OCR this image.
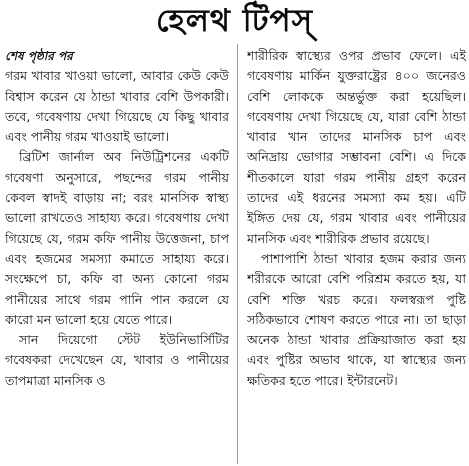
হেলথ টিপস্
শেষ পৃষ্ঠার পর

গরম খাবার খাওয়া ভালো, আবার কেউ কেউ বিশ্বাস করেন যে ঠান্ডা খাবার বেশি উপকারী। তবে, গবেষণায় দেখা গিয়েছে যে কিছু খাবার এবং পানীয় গরম খাওয়াই ভালো।

ব্রিটিশ জার্নাল অব নিউট্রিশনের একটি গবেষণা অনুসারে, পছন্দের গরম পানীয় কেবল স্বাদই বাড়ায় না; বরং মানসিক স্বাস্থ্য ভালো রাখতেও সাহায্য করে। গবেষণায় দেখা গিয়েছে যে, গরম কফি পানীয় উত্তেজনা, চাপ এবং হজমের সমস্যা কমাতে সাহায্য করে। সংক্ষেপে চা, কফি বা অন্য কোনো গরম পানীয়ের সাথে গরম পানি পান করলে যে কারো মন ভালো হয়ে যেতে পারে।

সান দিয়েগো স্টেট ইউনিভার্সিটির গবেষকরা দেখেছেন যে, খাবার ও পানীয়ের তাপমাত্রা মানসিক ও

শারীরিক স্বাস্থ্যের ওপর প্রভাব ফেলে। এই গবেষণায় মার্কিন যুক্তরাষ্ট্রের ৪০০ জনেরও বেশি লোককে অন্তর্ভুক্ত করা হয়েছিল। গবেষণায় দেখা গিয়েছে যে, যারা বেশি ঠান্ডা খাবার খান তাদের মানসিক চাপ এবং অনিদ্রায় ভোগার সম্ভাবনা বেশি। এ দিকে শীতকালে যারা গরম পানীয় গ্রহণ করেন তাদের এই ধরনের সমস্যা কম হয়। এটি ইঙ্গিত দেয় যে, গরম খাবার এবং পানীয়ের মানসিক এবং শারীরিক প্রভাব রয়েছে।

পাশাপাশি ঠান্ডা খাবার হজম করার জন্য শরীরকে আরো বেশি পরিশ্রম করতে হয়, যা বেশি শক্তি খরচ করে। ফলস্বরূপ পুষ্টি সঠিকভাবে শোষণ করতে পারে না। তা ছাড়া অনেক ঠান্ডা খাবার প্রক্রিয়াজাত করা হয় এবং পুষ্টির অভাব থাকে, যা স্বাস্থ্যের জন্য ক্ষতিকর হতে পারে। ইন্টারনেট।
